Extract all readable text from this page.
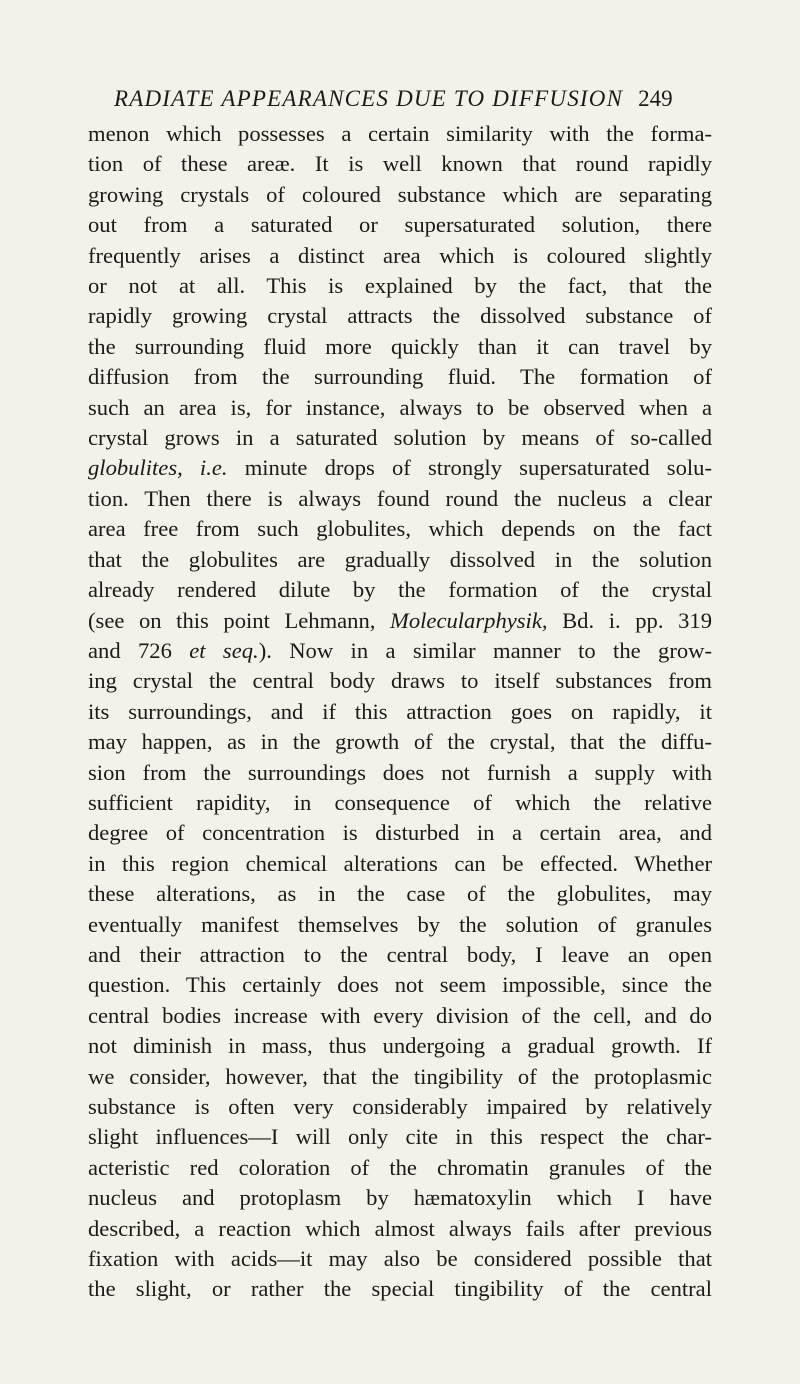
RADIATE APPEARANCES DUE TO DIFFUSION 249
menon which possesses a certain similarity with the forma-
tion of these areæ. It is well known that round rapidly
growing crystals of coloured substance which are separating
out from a saturated or supersaturated solution, there
frequently arises a distinct area which is coloured slightly
or not at all. This is explained by the fact, that the
rapidly growing crystal attracts the dissolved substance of
the surrounding fluid more quickly than it can travel by
diffusion from the surrounding fluid. The formation of
such an area is, for instance, always to be observed when a
crystal grows in a saturated solution by means of so-called
globulites, i.e. minute drops of strongly supersaturated solu-
tion. Then there is always found round the nucleus a clear
area free from such globulites, which depends on the fact
that the globulites are gradually dissolved in the solution
already rendered dilute by the formation of the crystal
(see on this point Lehmann, Molecularphysik, Bd. i. pp. 319
and 726 et seq.). Now in a similar manner to the grow-
ing crystal the central body draws to itself substances from
its surroundings, and if this attraction goes on rapidly, it
may happen, as in the growth of the crystal, that the diffu-
sion from the surroundings does not furnish a supply with
sufficient rapidity, in consequence of which the relative
degree of concentration is disturbed in a certain area, and
in this region chemical alterations can be effected. Whether
these alterations, as in the case of the globulites, may
eventually manifest themselves by the solution of granules
and their attraction to the central body, I leave an open
question. This certainly does not seem impossible, since the
central bodies increase with every division of the cell, and do
not diminish in mass, thus undergoing a gradual growth. If
we consider, however, that the tingibility of the protoplasmic
substance is often very considerably impaired by relatively
slight influences—I will only cite in this respect the char-
acteristic red coloration of the chromatin granules of the
nucleus and protoplasm by hæmatoxylin which I have
described, a reaction which almost always fails after previous
fixation with acids—it may also be considered possible that
the slight, or rather the special tingibility of the central
